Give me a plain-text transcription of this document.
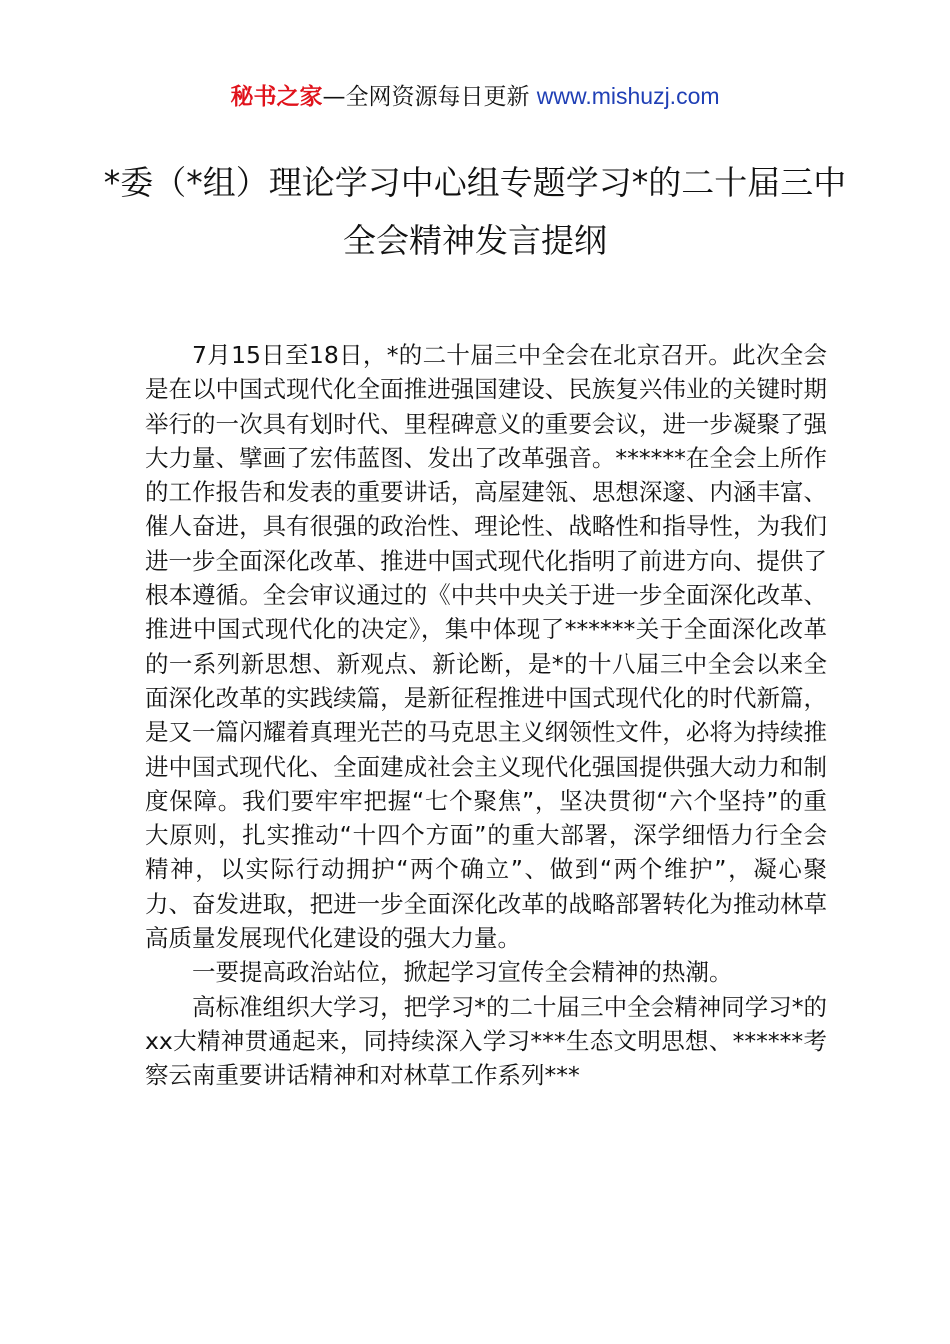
秘书之家—全网资源每日更新 www.mishuzj.com
*委（*组）理论学习中心组专题学习*的二十届三中全会精神发言提纲

7月15日至18日，*的二十届三中全会在北京召开。此次全会是在以中国式现代化全面推进强国建设、民族复兴伟业的关键时期举行的一次具有划时代、里程碑意义的重要会议，进一步凝聚了强大力量、擘画了宏伟蓝图、发出了改革强音。******在全会上所作的工作报告和发表的重要讲话，高屋建瓴、思想深邃、内涵丰富、催人奋进，具有很强的政治性、理论性、战略性和指导性，为我们进一步全面深化改革、推进中国式现代化指明了前进方向、提供了根本遵循。全会审议通过的《中共中央关于进一步全面深化改革、推进中国式现代化的决定》，集中体现了******关于全面深化改革的一系列新思想、新观点、新论断，是*的十八届三中全会以来全面深化改革的实践续篇，是新征程推进中国式现代化的时代新篇，是又一篇闪耀着真理光芒的马克思主义纲领性文件，必将为持续推进中国式现代化、全面建成社会主义现代化强国提供强大动力和制度保障。我们要牢牢把握“七个聚焦”，坚决贯彻“六个坚持”的重大原则，扎实推动“十四个方面”的重大部署，深学细悟力行全会精神，以实际行动拥护“两个确立”、做到“两个维护”，凝心聚力、奋发进取，把进一步全面深化改革的战略部署转化为推动林草高质量发展现代化建设的强大力量。

一要提高政治站位，掀起学习宣传全会精神的热潮。

高标准组织大学习，把学习*的二十届三中全会精神同学习*的xx大精神贯通起来，同持续深入学习***生态文明思想、******考察云南重要讲话精神和对林草工作系列***
